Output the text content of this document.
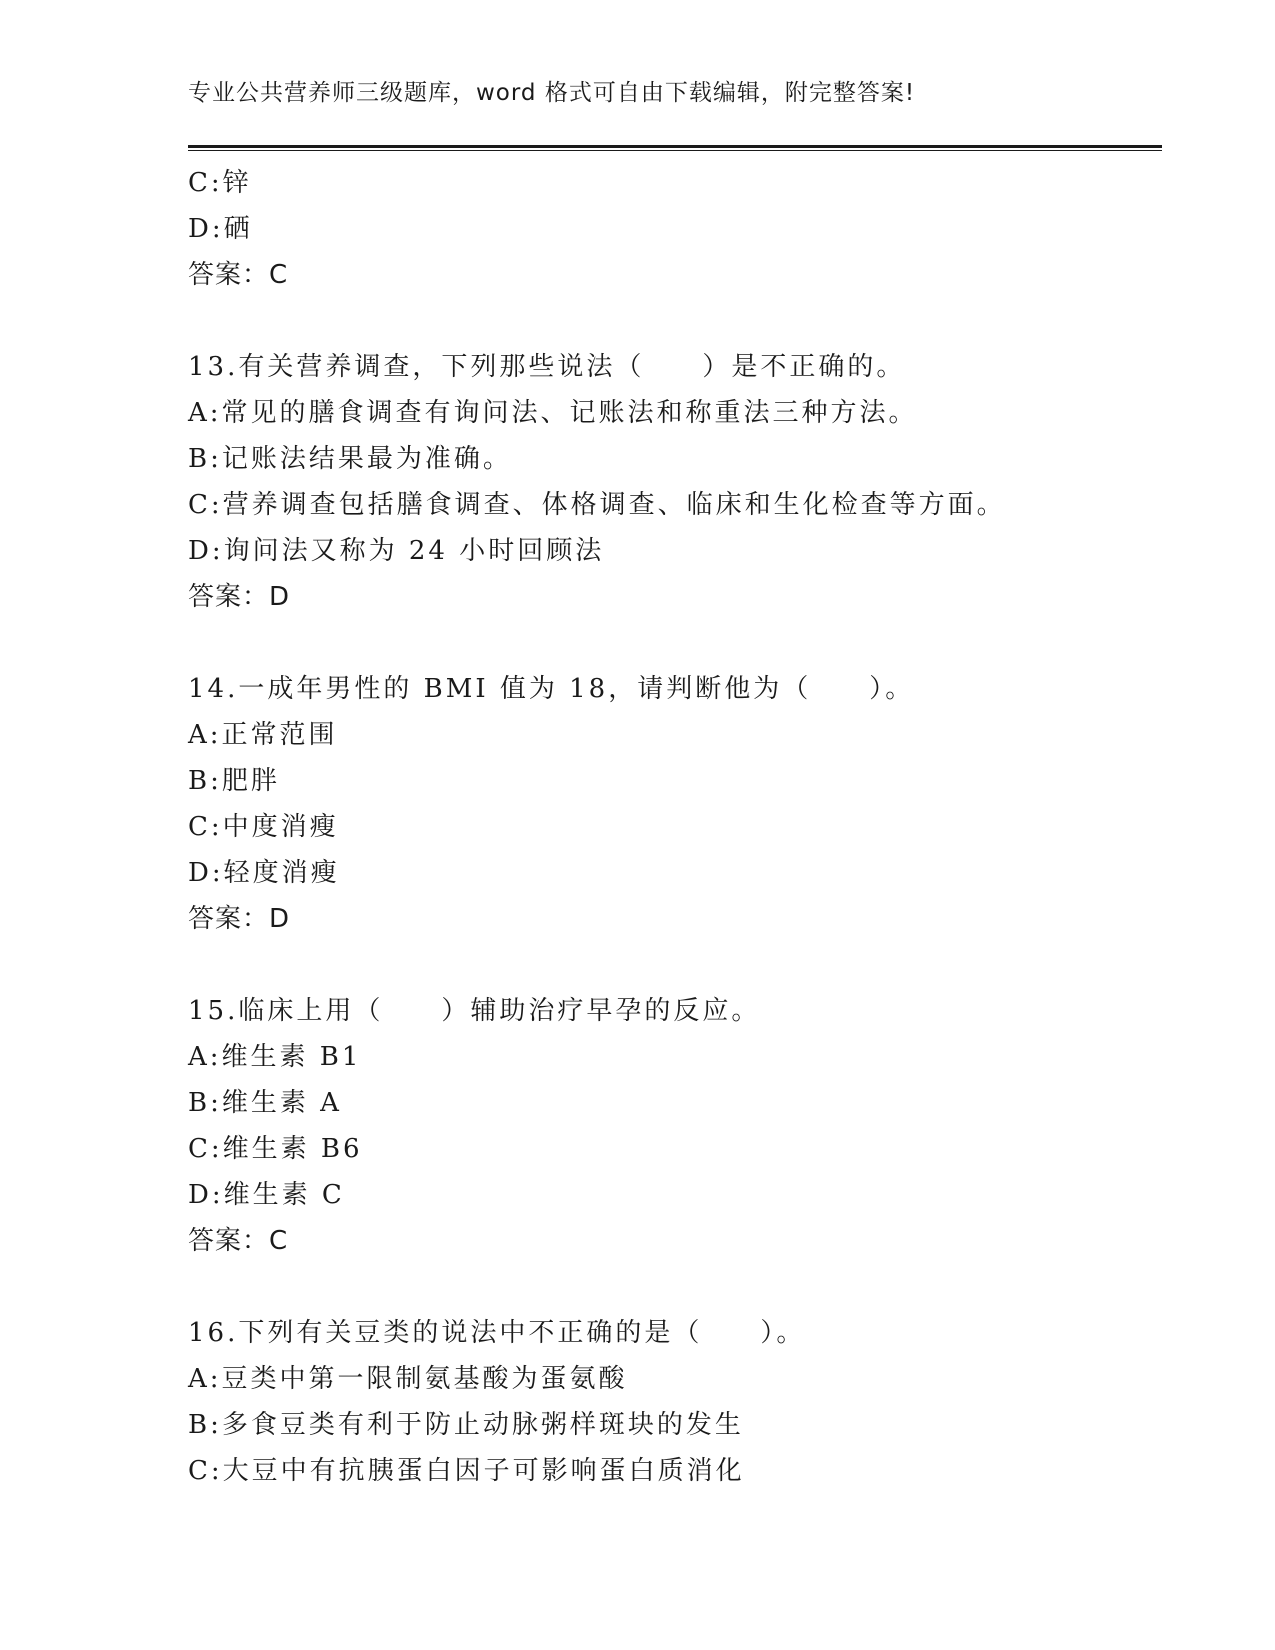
专业公共营养师三级题库，word 格式可自由下载编辑，附完整答案!
C:锌
D:硒
答案：C
13.有关营养调查，下列那些说法（　　）是不正确的。
A:常见的膳食调查有询问法、记账法和称重法三种方法。
B:记账法结果最为准确。
C:营养调查包括膳食调查、体格调查、临床和生化检查等方面。
D:询问法又称为 24 小时回顾法
答案：D
14.一成年男性的 BMI 值为 18，请判断他为（　　）。
A:正常范围
B:肥胖
C:中度消瘦
D:轻度消瘦
答案：D
15.临床上用（　　）辅助治疗早孕的反应。
A:维生素 B1
B:维生素 A
C:维生素 B6
D:维生素 C
答案：C
16.下列有关豆类的说法中不正确的是（　　）。
A:豆类中第一限制氨基酸为蛋氨酸
B:多食豆类有利于防止动脉粥样斑块的发生
C:大豆中有抗胰蛋白因子可影响蛋白质消化
